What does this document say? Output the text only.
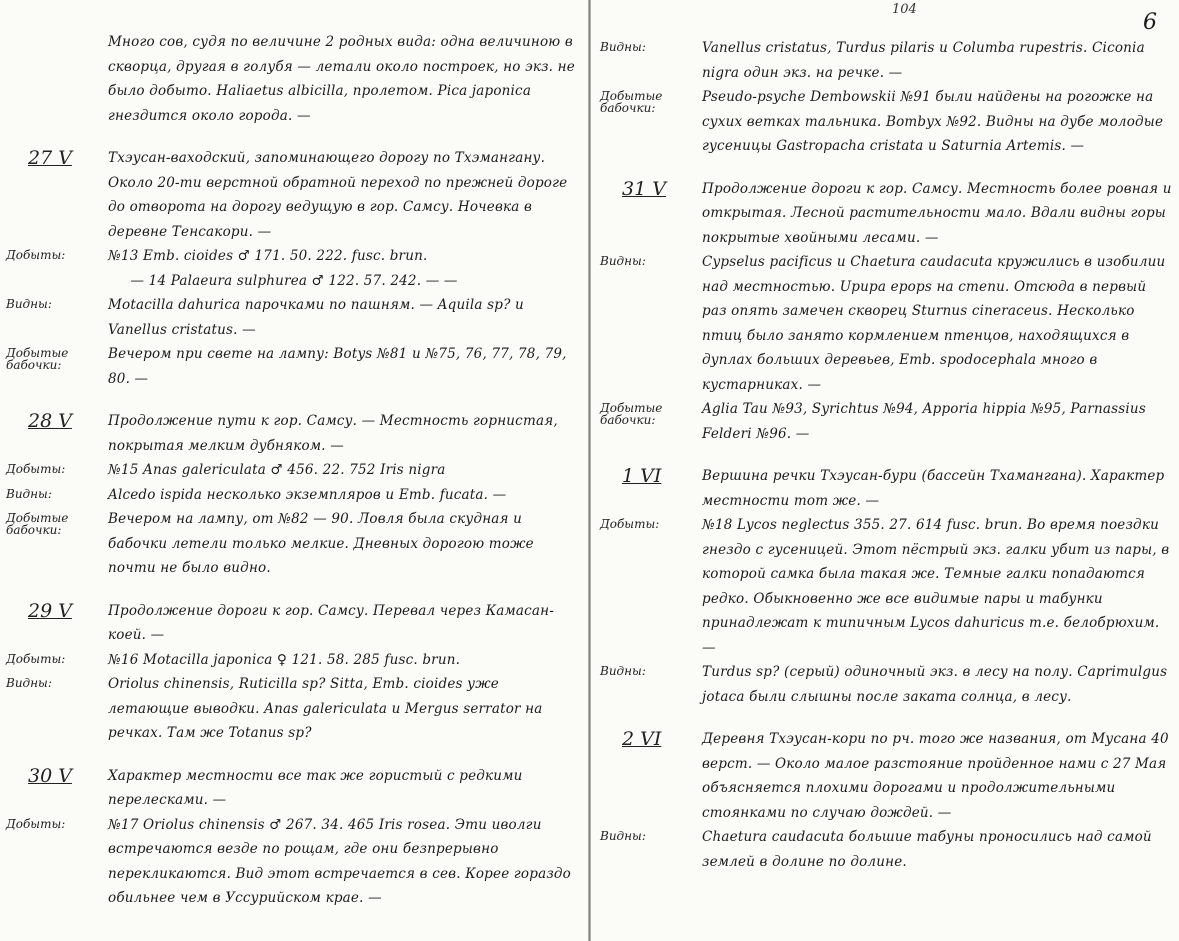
Много сов, судя по величине 2 родных вида: одна величиною в скворца, другая в голубя — летали около построек, но экз. не было добыто. Haliaetus albicilla, пролетом. Pica japonica гнездится около города. —
27 V	Тхэусан-ваходский, запоминающего дорогу по Тхэмангану. Около 20-ти верстной обратной переход по прежней дороге до отворота на дорогу ведущую в гор. Самсу. Ночевка в деревне Тенсакори. —
Добыты:	№13 Emb. cioides ♂ 171. 50. 222. fusc. brun.
— 14 Palaeura sulphurea ♂ 122. 57. 242. — —
Видны:	Motacilla dahurica парочками по пашням. — Aquila sp? и Vanellus cristatus. —
Добытые бабочки:
Вечером при свете на лампу: Botys №81 и №75, 76, 77, 78, 79, 80. —
28 V	Продолжение пути к гор. Самсу. — Местность горнистая, покрытая мелким дубняком. —
Добыты:	№15 Anas galericulata ♂ 456. 22. 752 Iris nigra
Видны:	Alcedo ispida несколько экземпляров и Emb. fucata. —
Добытые бабочки:
Вечером на лампу, от №82 — 90. Ловля была скудная и бабочки летели только мелкие. Дневных дорогою тоже почти не было видно.
29 V	Продолжение дороги к гор. Самсу. Перевал через Камасан-коей. —
Добыты:	№16 Motacilla japonica ♀ 121. 58. 285 fusc. brun.
Видны:	Oriolus chinensis, Ruticilla sp? Sitta, Emb. cioides уже летающие выводки. Anas galericulata и Mergus serrator на речках. Там же Totanus sp?
30 V	Характер местности все так же гористый с редкими перелесками. —
Добыты:	№17 Oriolus chinensis ♂ 267. 34. 465 Iris rosea. Эти иволги встречаются везде по рощам, где они безпрерывно перекликаются. Вид этот встречается в сев. Корее гораздо обильнее чем в Уссурийском крае. —
104
6
Видны:	Vanellus cristatus, Turdus pilaris и Columba rupestris. Ciconia nigra один экз. на речке. —
Добытые бабочки:
Pseudo-psyche Dembowskii №91 были найдены на рогожке на сухих ветках тальника. Bombyx №92. Видны на дубе молодые гусеницы Gastropacha cristata и Saturnia Artemis. —
31 V	Продолжение дороги к гор. Самсу. Местность более ровная и открытая. Лесной растительности мало. Вдали видны горы покрытые хвойными лесами. —
Видны:	Cypselus pacificus и Chaetura caudacuta кружились в изобилии над местностью. Upupa epops на степи. Отсюда в первый раз опять замечен скворец Sturnus cineraceus. Несколько птиц было занято кормлением птенцов, находящихся в дуплах больших деревьев, Emb. spodocephala много в кустарниках. —
Добытые бабочки:
Aglia Tau №93, Syrichtus №94, Apporia hippia №95, Parnassius Felderi №96. —
1 VI	Вершина речки Тхэусан-бури (бассейн Тхамангана). Характер местности тот же. —
Добыты:	№18 Lycos neglectus 355. 27. 614 fusc. brun. Во время поездки гнездо с гусеницей. Этот пёстрый экз. галки убит из пары, в которой самка была такая же. Темные галки попадаются редко. Обыкновенно же все видимые пары и табунки принадлежат к типичным Lycos dahuricus т.е. белобрюхим. —
Видны:	Turdus sp? (серый) одиночный экз. в лесу на полу. Caprimulgus jotaca были слышны после заката солнца, в лесу.
2 VI	Деревня Тхэусан-кори по рч. того же названия, от Мусана 40 верст. — Около малое разстояние пройденное нами с 27 Мая объясняется плохими дорогами и продолжительными стоянками по случаю дождей. —
Видны:	Chaetura caudacuta большие табуны проносились над самой землей в долине по долине.
